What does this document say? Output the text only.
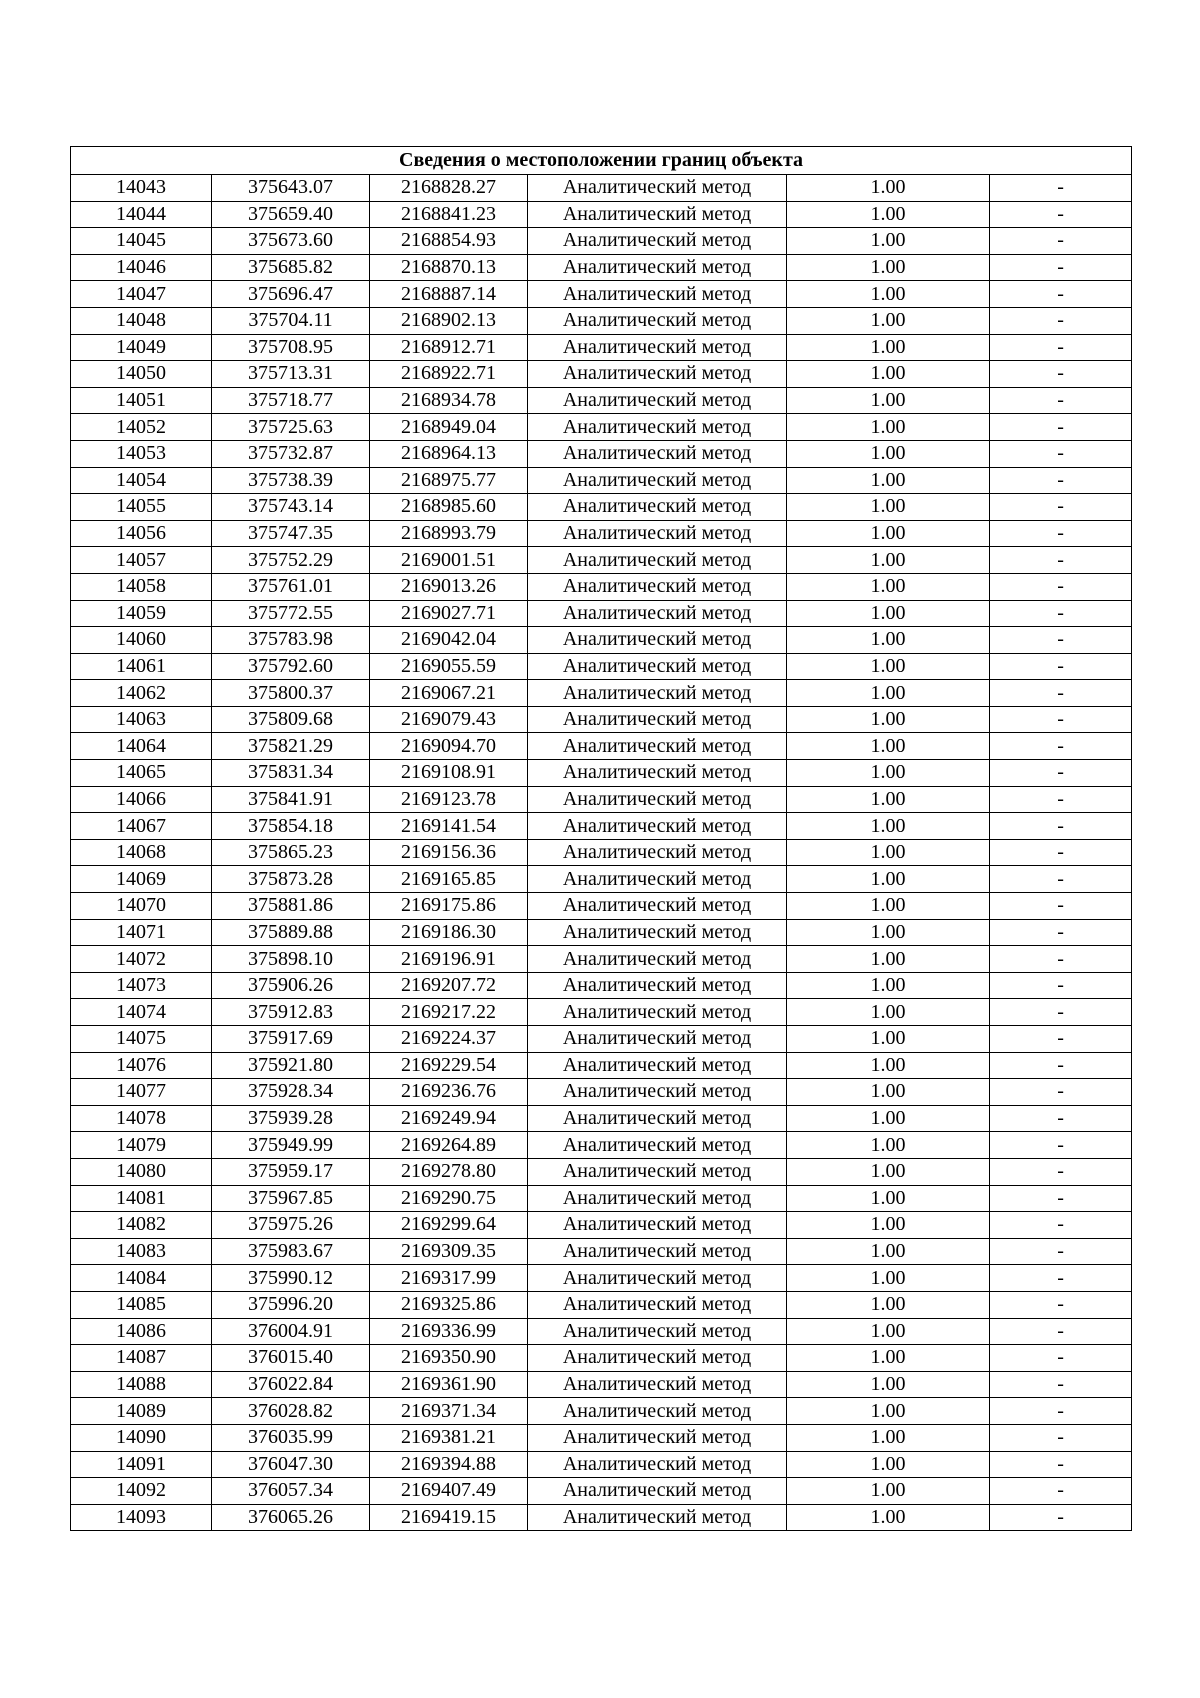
Сведения о местоположении границ объекта					
14043	375643.07	2168828.27	Аналитический метод	1.00	-
14044	375659.40	2168841.23	Аналитический метод	1.00	-
14045	375673.60	2168854.93	Аналитический метод	1.00	-
14046	375685.82	2168870.13	Аналитический метод	1.00	-
14047	375696.47	2168887.14	Аналитический метод	1.00	-
14048	375704.11	2168902.13	Аналитический метод	1.00	-
14049	375708.95	2168912.71	Аналитический метод	1.00	-
14050	375713.31	2168922.71	Аналитический метод	1.00	-
14051	375718.77	2168934.78	Аналитический метод	1.00	-
14052	375725.63	2168949.04	Аналитический метод	1.00	-
14053	375732.87	2168964.13	Аналитический метод	1.00	-
14054	375738.39	2168975.77	Аналитический метод	1.00	-
14055	375743.14	2168985.60	Аналитический метод	1.00	-
14056	375747.35	2168993.79	Аналитический метод	1.00	-
14057	375752.29	2169001.51	Аналитический метод	1.00	-
14058	375761.01	2169013.26	Аналитический метод	1.00	-
14059	375772.55	2169027.71	Аналитический метод	1.00	-
14060	375783.98	2169042.04	Аналитический метод	1.00	-
14061	375792.60	2169055.59	Аналитический метод	1.00	-
14062	375800.37	2169067.21	Аналитический метод	1.00	-
14063	375809.68	2169079.43	Аналитический метод	1.00	-
14064	375821.29	2169094.70	Аналитический метод	1.00	-
14065	375831.34	2169108.91	Аналитический метод	1.00	-
14066	375841.91	2169123.78	Аналитический метод	1.00	-
14067	375854.18	2169141.54	Аналитический метод	1.00	-
14068	375865.23	2169156.36	Аналитический метод	1.00	-
14069	375873.28	2169165.85	Аналитический метод	1.00	-
14070	375881.86	2169175.86	Аналитический метод	1.00	-
14071	375889.88	2169186.30	Аналитический метод	1.00	-
14072	375898.10	2169196.91	Аналитический метод	1.00	-
14073	375906.26	2169207.72	Аналитический метод	1.00	-
14074	375912.83	2169217.22	Аналитический метод	1.00	-
14075	375917.69	2169224.37	Аналитический метод	1.00	-
14076	375921.80	2169229.54	Аналитический метод	1.00	-
14077	375928.34	2169236.76	Аналитический метод	1.00	-
14078	375939.28	2169249.94	Аналитический метод	1.00	-
14079	375949.99	2169264.89	Аналитический метод	1.00	-
14080	375959.17	2169278.80	Аналитический метод	1.00	-
14081	375967.85	2169290.75	Аналитический метод	1.00	-
14082	375975.26	2169299.64	Аналитический метод	1.00	-
14083	375983.67	2169309.35	Аналитический метод	1.00	-
14084	375990.12	2169317.99	Аналитический метод	1.00	-
14085	375996.20	2169325.86	Аналитический метод	1.00	-
14086	376004.91	2169336.99	Аналитический метод	1.00	-
14087	376015.40	2169350.90	Аналитический метод	1.00	-
14088	376022.84	2169361.90	Аналитический метод	1.00	-
14089	376028.82	2169371.34	Аналитический метод	1.00	-
14090	376035.99	2169381.21	Аналитический метод	1.00	-
14091	376047.30	2169394.88	Аналитический метод	1.00	-
14092	376057.34	2169407.49	Аналитический метод	1.00	-
14093	376065.26	2169419.15	Аналитический метод	1.00	-
